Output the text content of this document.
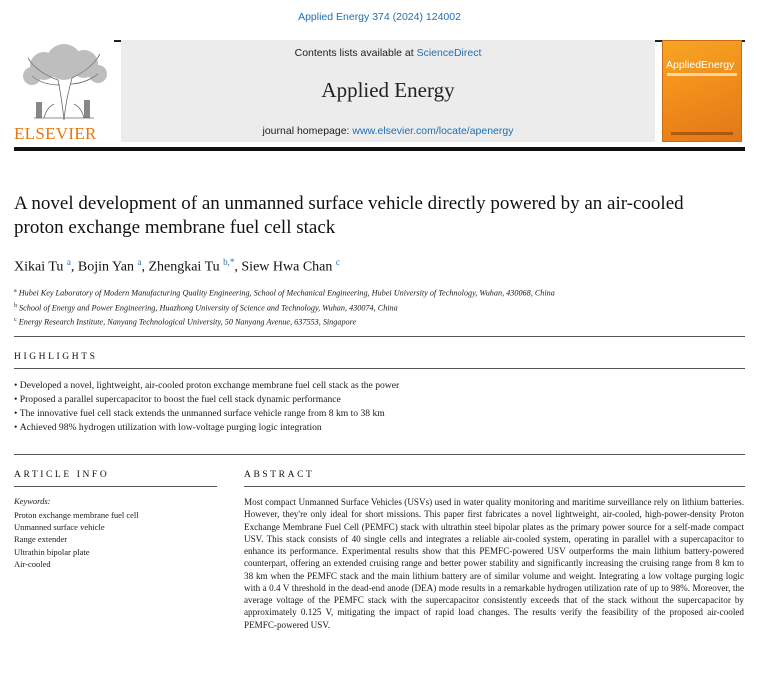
Applied Energy 374 (2024) 124002
ELSEVIER
Contents lists available at ScienceDirect
Applied Energy
journal homepage: www.elsevier.com/locate/apenergy
AppliedEnergy
A novel development of an unmanned surface vehicle directly powered by an air-cooled proton exchange membrane fuel cell stack
Xikai Tu $^a$, Bojin Yan $^a$, Zhengkai Tu $^{b,*}$, Siew Hwa Chan $^c$
$^a$ Hubei Key Laboratory of Modern Manufacturing Quality Engineering, School of Mechanical Engineering, Hubei University of Technology, Wuhan, 430068, China
$^b$ School of Energy and Power Engineering, Huazhong University of Science and Technology, Wuhan, 430074, China
$^c$ Energy Research Institute, Nanyang Technological University, 50 Nanyang Avenue, 637553, Singapore
HIGHLIGHTS
• Developed a novel, lightweight, air-cooled proton exchange membrane fuel cell stack as the power
• Proposed a parallel supercapacitor to boost the fuel cell stack dynamic performance
• The innovative fuel cell stack extends the unmanned surface vehicle range from 8 km to 38 km
• Achieved 98% hydrogen utilization with low-voltage purging logic integration
ARTICLE INFO	ABSTRACT
Keywords:
Proton exchange membrane fuel cell
Unmanned surface vehicle
Range extender
Ultrathin bipolar plate
Air-cooled

Most compact Unmanned Surface Vehicles (USVs) used in water quality monitoring and maritime surveillance rely on lithium batteries. However, they're only ideal for short missions. This paper first fabricates a novel lightweight, air-cooled, high-power-density Proton Exchange Membrane Fuel Cell (PEMFC) stack with ultrathin steel bipolar plates as the primary power source for a self-made compact USV. This stack consists of 40 single cells and integrates a reliable air-cooled system, operating in parallel with a supercapacitor to enhance its performance. Experimental results show that this PEMFC-powered USV outperforms the main lithium battery-powered counterpart, offering an extended cruising range and better power stability and significantly increasing the cruising range from 8 km to 38 km when the PEMFC stack and the main lithium battery are of similar volume and weight. Integrating a low voltage purging logic with a 0.4 V threshold in the dead-end anode (DEA) mode results in a remarkable hydrogen utilization rate of up to 98%. Moreover, the average voltage of the PEMFC stack with the supercapacitor consistently exceeds that of the stack without the supercapacitor by approximately 0.125 V, mitigating the impact of rapid load changes. The results verify the feasibility of the proposed air-cooled PEMFC-powered USV.
